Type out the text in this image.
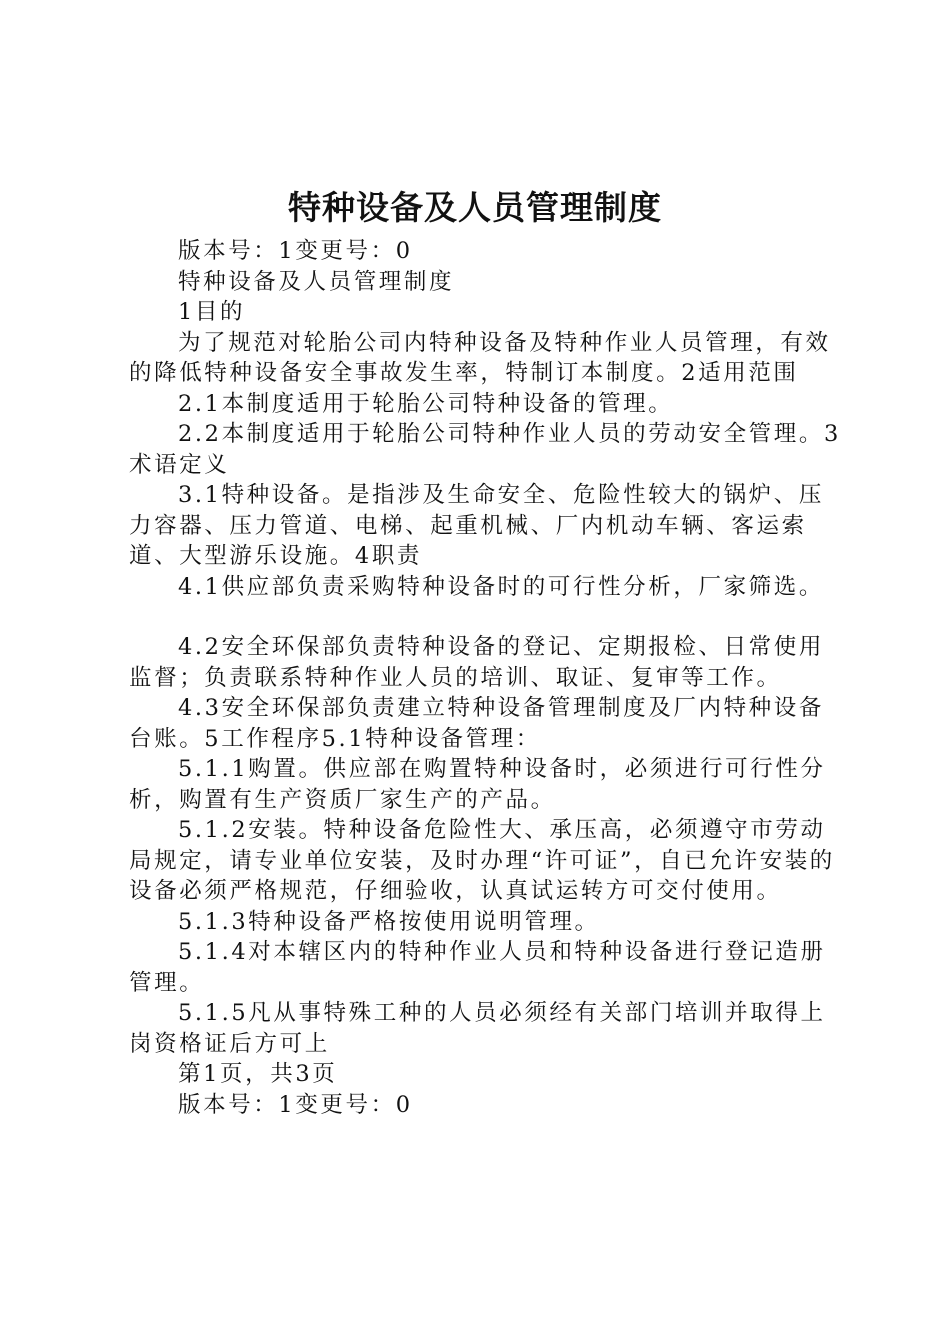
特种设备及人员管理制度

版本号：1变更号：0

特种设备及人员管理制度

1目的

为了规范对轮胎公司内特种设备及特种作业人员管理，有效的降低特种设备安全事故发生率，特制订本制度。2适用范围

2.1本制度适用于轮胎公司特种设备的管理。

2.2本制度适用于轮胎公司特种作业人员的劳动安全管理。3术语定义

3.1特种设备。是指涉及生命安全、危险性较大的锅炉、压力容器、压力管道、电梯、起重机械、厂内机动车辆、客运索道、大型游乐设施。4职责

4.1供应部负责采购特种设备时的可行性分析，厂家筛选。

4.2安全环保部负责特种设备的登记、定期报检、日常使用监督；负责联系特种作业人员的培训、取证、复审等工作。

4.3安全环保部负责建立特种设备管理制度及厂内特种设备台账。5工作程序5.1特种设备管理：

5.1.1购置。供应部在购置特种设备时，必须进行可行性分析，购置有生产资质厂家生产的产品。

5.1.2安装。特种设备危险性大、承压高，必须遵守市劳动局规定，请专业单位安装，及时办理“许可证”，自已允许安装的设备必须严格规范，仔细验收，认真试运转方可交付使用。

5.1.3特种设备严格按使用说明管理。

5.1.4对本辖区内的特种作业人员和特种设备进行登记造册管理。

5.1.5凡从事特殊工种的人员必须经有关部门培训并取得上岗资格证后方可上

第1页，共3页

版本号：1变更号：0
